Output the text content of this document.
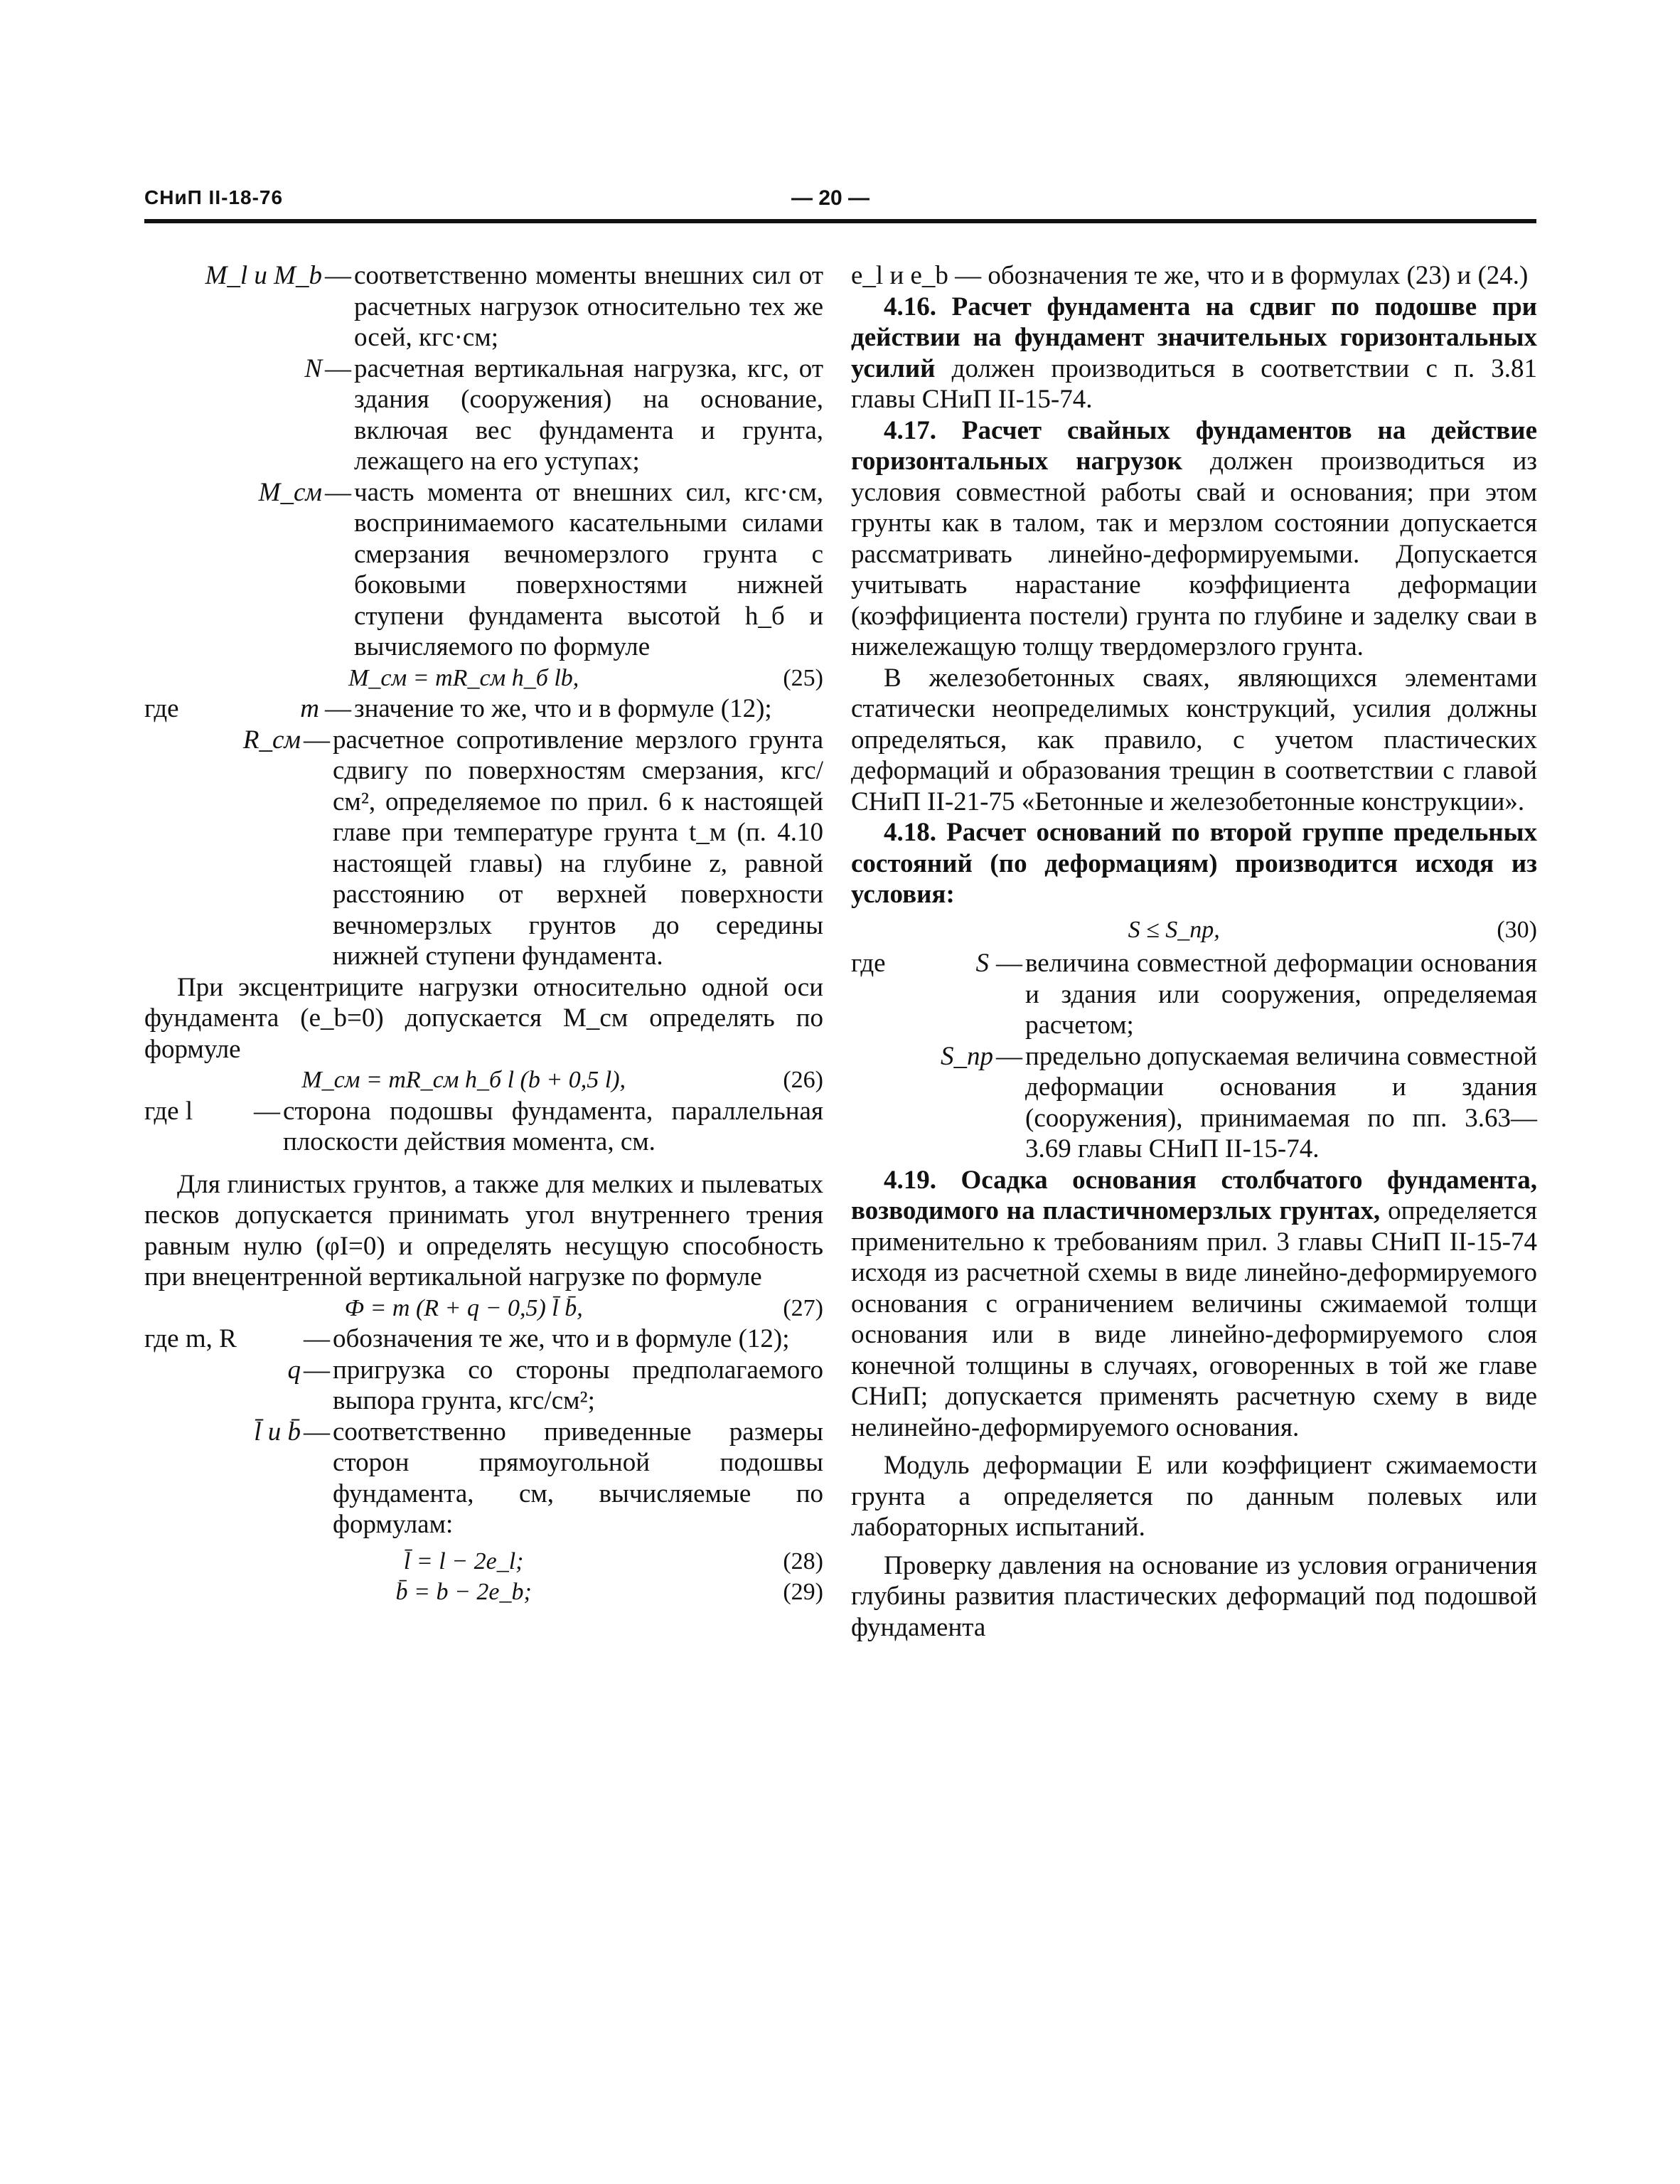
СНиП II-18-76	— 20 —
M_l и M_b — соответственно моменты внешних сил от расчетных нагрузок относительно тех же осей, кгс·см;
N — расчетная вертикальная нагрузка, кгс, от здания (сооружения) на основание, включая вес фундамента и грунта, лежащего на его уступах;
M_см — часть момента от внешних сил, кгс·см, воспринимаемого касательными силами смерзания вечномерзлого грунта с боковыми поверхностями нижней ступени фундамента высотой h_б и вычисляемого по формуле
M_см = mR_см h_б lb,	(25)
где	m — значение то же, что и в формуле (12);
R_см — расчетное сопротивление мерзлого грунта сдвигу по поверхностям смерзания, кгс/см², определяемое по прил. 6 к настоящей главе при температуре грунта t_м (п. 4.10 настоящей главы) на глубине z, равной расстоянию от верхней поверхности вечномерзлых грунтов до середины нижней ступени фундамента.

При эксцентриците нагрузки относительно одной оси фундамента (e_b=0) допускается M_см определять по формуле

M_см = mR_см h_б l (b + 0,5 l),	(26)
где l	— сторона подошвы фундамента, параллельная плоскости действия момента, см.

Для глинистых грунтов, а также для мелких и пылеватых песков допускается принимать угол внутреннего трения равным нулю (φI=0) и определять несущую способность при внецентренной вертикальной нагрузке по формуле

Ф = m (R + q − 0,5) l̄ b̄,	(27)
где m, R	— обозначения те же, что и в формуле (12);
q — пригрузка со стороны предполагаемого выпора грунта, кгс/см²;
l̄ и b̄ — соответственно приведенные размеры сторон прямоугольной подошвы фундамента, см, вычисляемые по формулам:
l̄ = l − 2e_l;	(28)
b̄ = b − 2e_b;	(29)

e_l и e_b — обозначения те же, что и в формулах (23) и (24.)

4.16. Расчет фундамента на сдвиг по подошве при действии на фундамент значительных горизонтальных усилий должен производиться в соответствии с п. 3.81 главы СНиП II-15-74.

4.17. Расчет свайных фундаментов на действие горизонтальных нагрузок должен производиться из условия совместной работы свай и основания; при этом грунты как в талом, так и мерзлом состоянии допускается рассматривать линейно-деформируемыми. Допускается учитывать нарастание коэффициента деформации (коэффициента постели) грунта по глубине и заделку сваи в нижележащую толщу твердомерзлого грунта.

В железобетонных сваях, являющихся элементами статически неопределимых конструкций, усилия должны определяться, как правило, с учетом пластических деформаций и образования трещин в соответствии с главой СНиП II-21-75 «Бетонные и железобетонные конструкции».

4.18. Расчет оснований по второй группе предельных состояний (по деформациям) производится исходя из условия:

S ≤ S_пр,	(30)
где	S — величина совместной деформации основания и здания или сооружения, определяемая расчетом;
S_пр — предельно допускаемая величина совместной деформации основания и здания (сооружения), принимаемая по пп. 3.63—3.69 главы СНиП II-15-74.

4.19. Осадка основания столбчатого фундамента, возводимого на пластичномерзлых грунтах, определяется применительно к требованиям прил. 3 главы СНиП II-15-74 исходя из расчетной схемы в виде линейно-деформируемого основания с ограничением величины сжимаемой толщи основания или в виде линейно-деформируемого слоя конечной толщины в случаях, оговоренных в той же главе СНиП; допускается применять расчетную схему в виде нелинейно-деформируемого основания.

Модуль деформации E или коэффициент сжимаемости грунта a определяется по данным полевых или лабораторных испытаний.

Проверку давления на основание из условия ограничения глубины развития пластических деформаций под подошвой фундамента
